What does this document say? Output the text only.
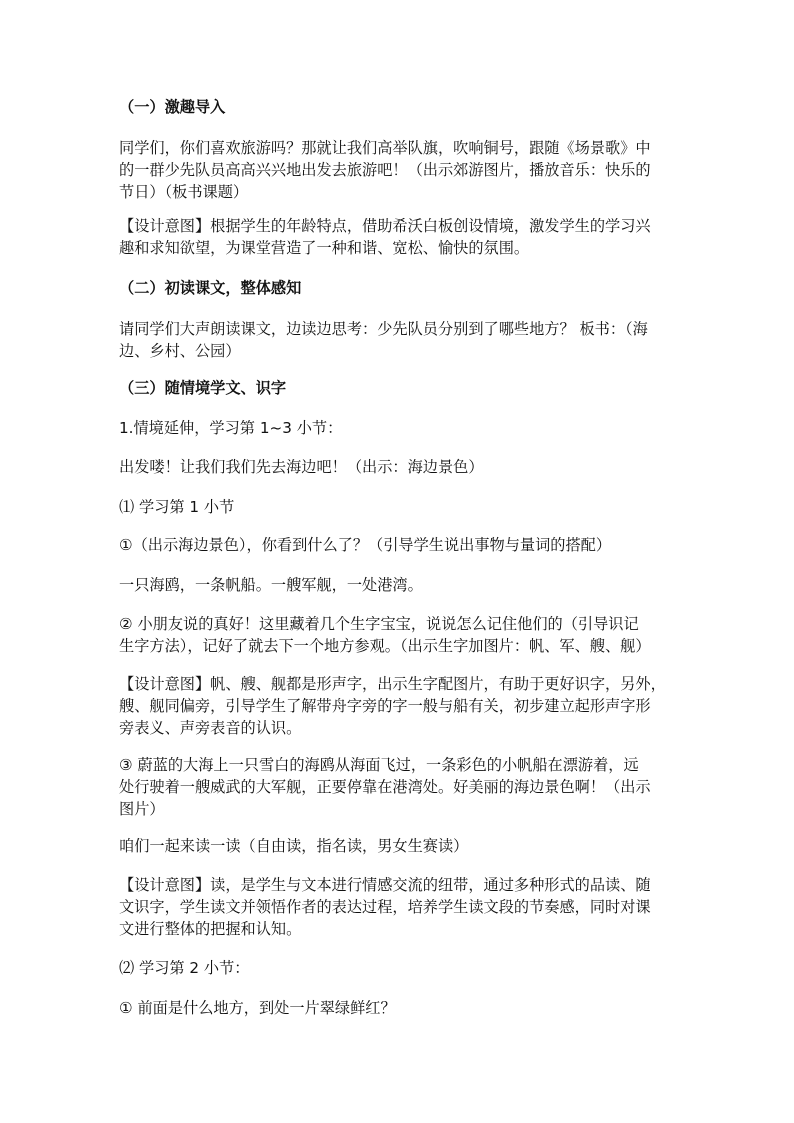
（一）激趣导入

同学们，你们喜欢旅游吗？那就让我们高举队旗，吹响铜号，跟随《场景歌》中

的一群少先队员高高兴兴地出发去旅游吧！（出示郊游图片，播放音乐：快乐的

节日）（板书课题）

【设计意图】根据学生的年龄特点，借助希沃白板创设情境，激发学生的学习兴

趣和求知欲望，为课堂营造了一种和谐、宽松、愉快的氛围。

（二）初读课文，整体感知

请同学们大声朗读课文，边读边思考：少先队员分别到了哪些地方？ 板书：（海

边、乡村、公园）

（三）随情境学文、识字

1.情境延伸，学习第 1~3 小节：

出发喽！让我们我们先去海边吧！（出示：海边景色）

⑴ 学习第 1 小节

①（出示海边景色），你看到什么了？（引导学生说出事物与量词的搭配）

一只海鸥，一条帆船。一艘军舰，一处港湾。

② 小朋友说的真好！这里藏着几个生字宝宝，说说怎么记住他们的（引导识记

生字方法），记好了就去下一个地方参观。（出示生字加图片：帆、军、艘、舰）

【设计意图】帆、艘、舰都是形声字，出示生字配图片，有助于更好识字，另外，

艘、舰同偏旁，引导学生了解带舟字旁的字一般与船有关，初步建立起形声字形

旁表义、声旁表音的认识。

③ 蔚蓝的大海上一只雪白的海鸥从海面飞过，一条彩色的小帆船在漂游着，远

处行驶着一艘威武的大军舰，正要停靠在港湾处。好美丽的海边景色啊！（出示

图片）

咱们一起来读一读（自由读，指名读，男女生赛读）

【设计意图】读，是学生与文本进行情感交流的纽带，通过多种形式的品读、随

文识字，学生读文并领悟作者的表达过程，培养学生读文段的节奏感，同时对课

文进行整体的把握和认知。

⑵ 学习第 2 小节：

① 前面是什么地方，到处一片翠绿鲜红？
